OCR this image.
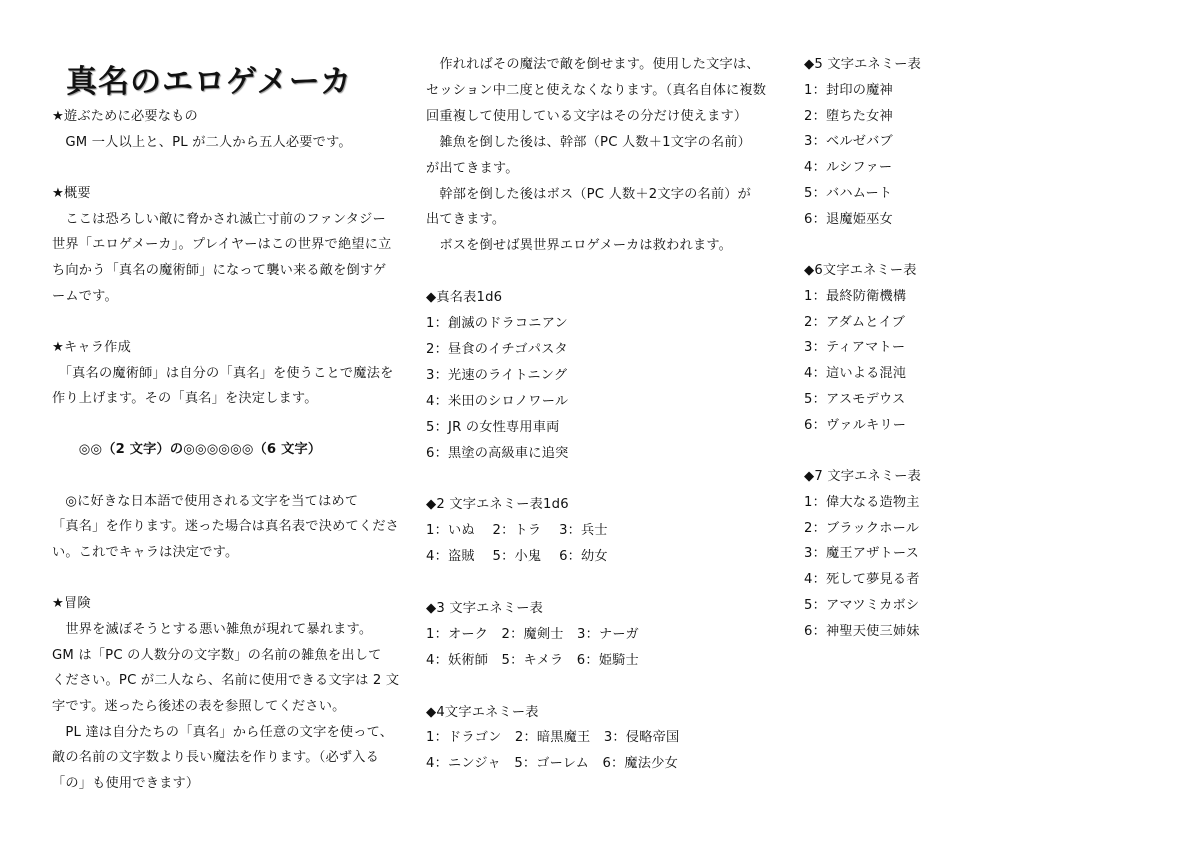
真名のエロゲメーカ
★遊ぶために必要なもの
　GM 一人以上と、PL が二人から五人必要です。
★概要
　ここは恐ろしい敵に脅かされ滅亡寸前のファンタジー
世界「エロゲメーカ」。プレイヤーはこの世界で絶望に立
ち向かう「真名の魔術師」になって襲い来る敵を倒すゲ
ームです。
★キャラ作成
　「真名の魔術師」は自分の「真名」を使うことで魔法を
作り上げます。その「真名」を決定します。
　　◎◎（2 文字）の◎◎◎◎◎◎（6 文字）
　◎に好きな日本語で使用される文字を当てはめて
「真名」を作ります。迷った場合は真名表で決めてくださ
い。これでキャラは決定です。
★冒険
　世界を滅ぼそうとする悪い雑魚が現れて暴れます。
GM は「PC の人数分の文字数」の名前の雑魚を出して
ください。PC が二人なら、名前に使用できる文字は 2 文
字です。迷ったら後述の表を参照してください。
　PL 達は自分たちの「真名」から任意の文字を使って、
敵の名前の文字数より長い魔法を作ります。（必ず入る
「の」も使用できます）
　作れればその魔法で敵を倒せます。使用した文字は、
セッション中二度と使えなくなります。（真名自体に複数
回重複して使用している文字はその分だけ使えます）
　雑魚を倒した後は、幹部（PC 人数＋1文字の名前）
が出てきます。
　幹部を倒した後はボス（PC 人数＋2文字の名前）が
出てきます。
　ボスを倒せば異世界エロゲメーカは救われます。
◆真名表1d6
1：創滅のドラコニアン
2：昼食のイチゴパスタ
3：光速のライトニング
4：米田のシロノワール
5：JR の女性専用車両
6：黒塗の高級車に追突
◆2 文字エネミー表1d6
1：いぬ　 2：トラ　 3：兵士
4：盗賊　 5：小鬼　 6：幼女
◆3 文字エネミー表
1：オーク　2：魔剣士　3：ナーガ
4：妖術師　5：キメラ　6：姫騎士
◆4文字エネミー表
1：ドラゴン　2：暗黒魔王　3：侵略帝国
4：ニンジャ　5：ゴーレム　6：魔法少女
◆5 文字エネミー表
1：封印の魔神
2：堕ちた女神
3：ベルゼバブ
4：ルシファー
5：バハムート
6：退魔姫巫女
◆6文字エネミー表
1：最終防衛機構
2：アダムとイブ
3：ティアマトー
4：這いよる混沌
5：アスモデウス
6：ヴァルキリー
◆7 文字エネミー表
1：偉大なる造物主
2：ブラックホール
3：魔王アザトース
4：死して夢見る者
5：アマツミカボシ
6：神聖天使三姉妹
